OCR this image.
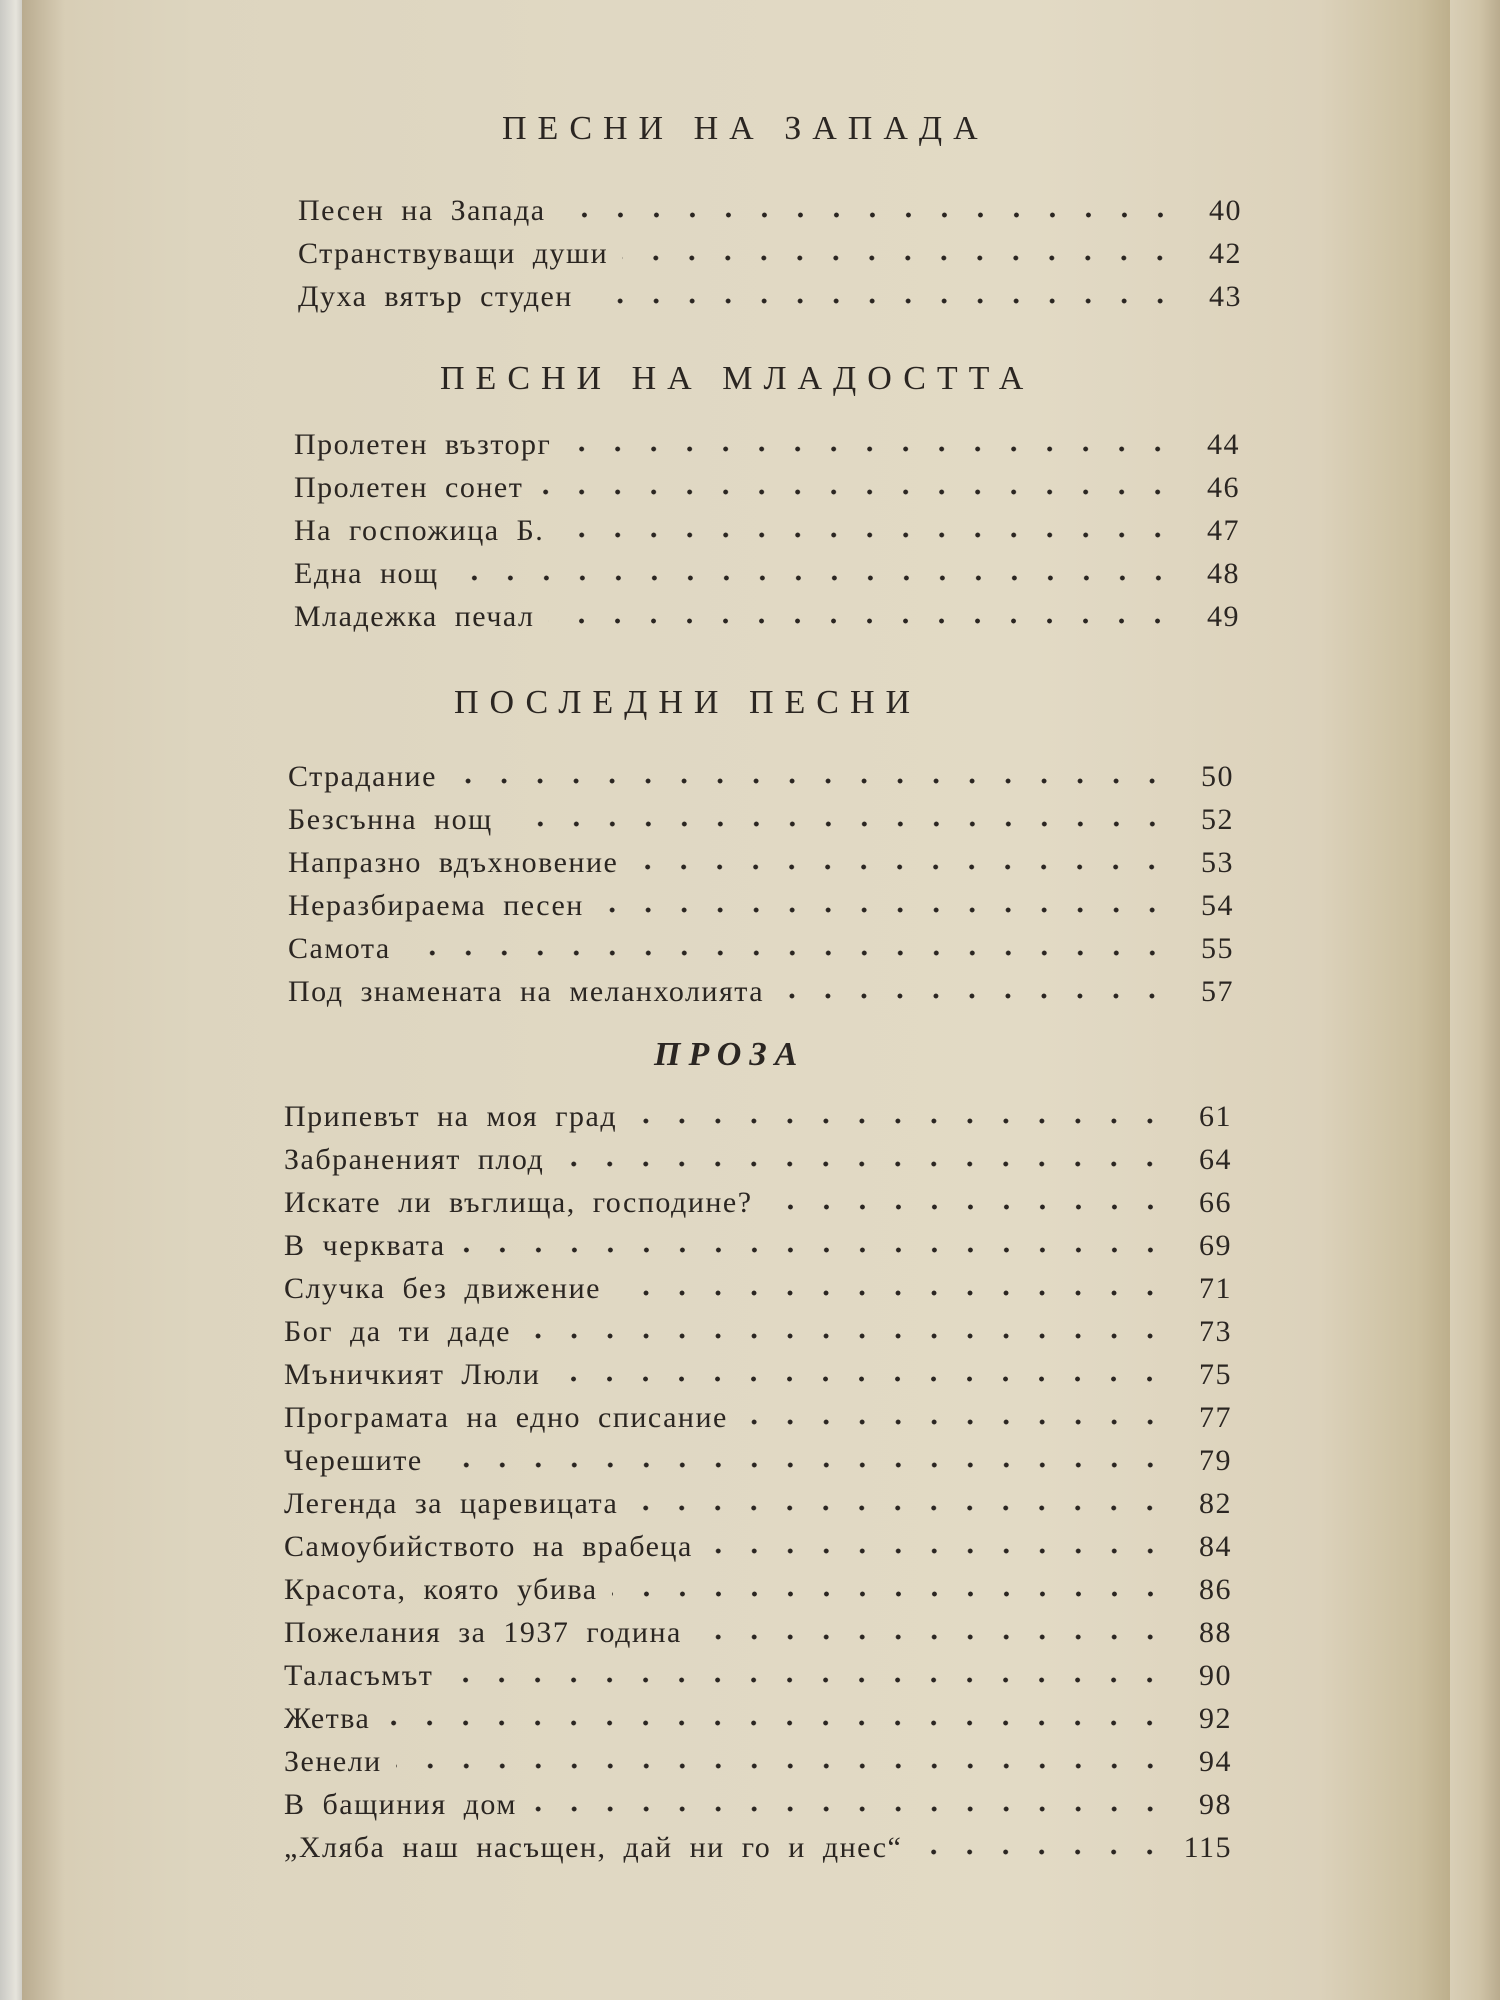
ПЕСНИ НА ЗАПАДА
Песен на Запада	40
Странствуващи души	42
Духа вятър студен	43
ПЕСНИ НА МЛАДОСТТА
Пролетен възторг	44
Пролетен сонет	46
На госпожица Б.	47
Една нощ	48
Младежка печал	49
ПОСЛЕДНИ ПЕСНИ
Страдание	50
Безсънна нощ	52
Напразно вдъхновение	53
Неразбираема песен	54
Самота	55
Под знамената на меланхолията	57
ПРОЗА
Припевът на моя град	61
Забраненият плод	64
Искате ли въглища, господине?	66
В черквата	69
Случка без движение	71
Бог да ти даде	73
Мъничкият Люли	75
Програмата на едно списание	77
Черешите	79
Легенда за царевицата	82
Самоубийството на врабеца	84
Красота, която убива	86
Пожелания за 1937 година	88
Таласъмът	90
Жетва	92
Зенели	94
В бащиния дом	98
„Хляба наш насъщен, дай ни го и днес“	115
